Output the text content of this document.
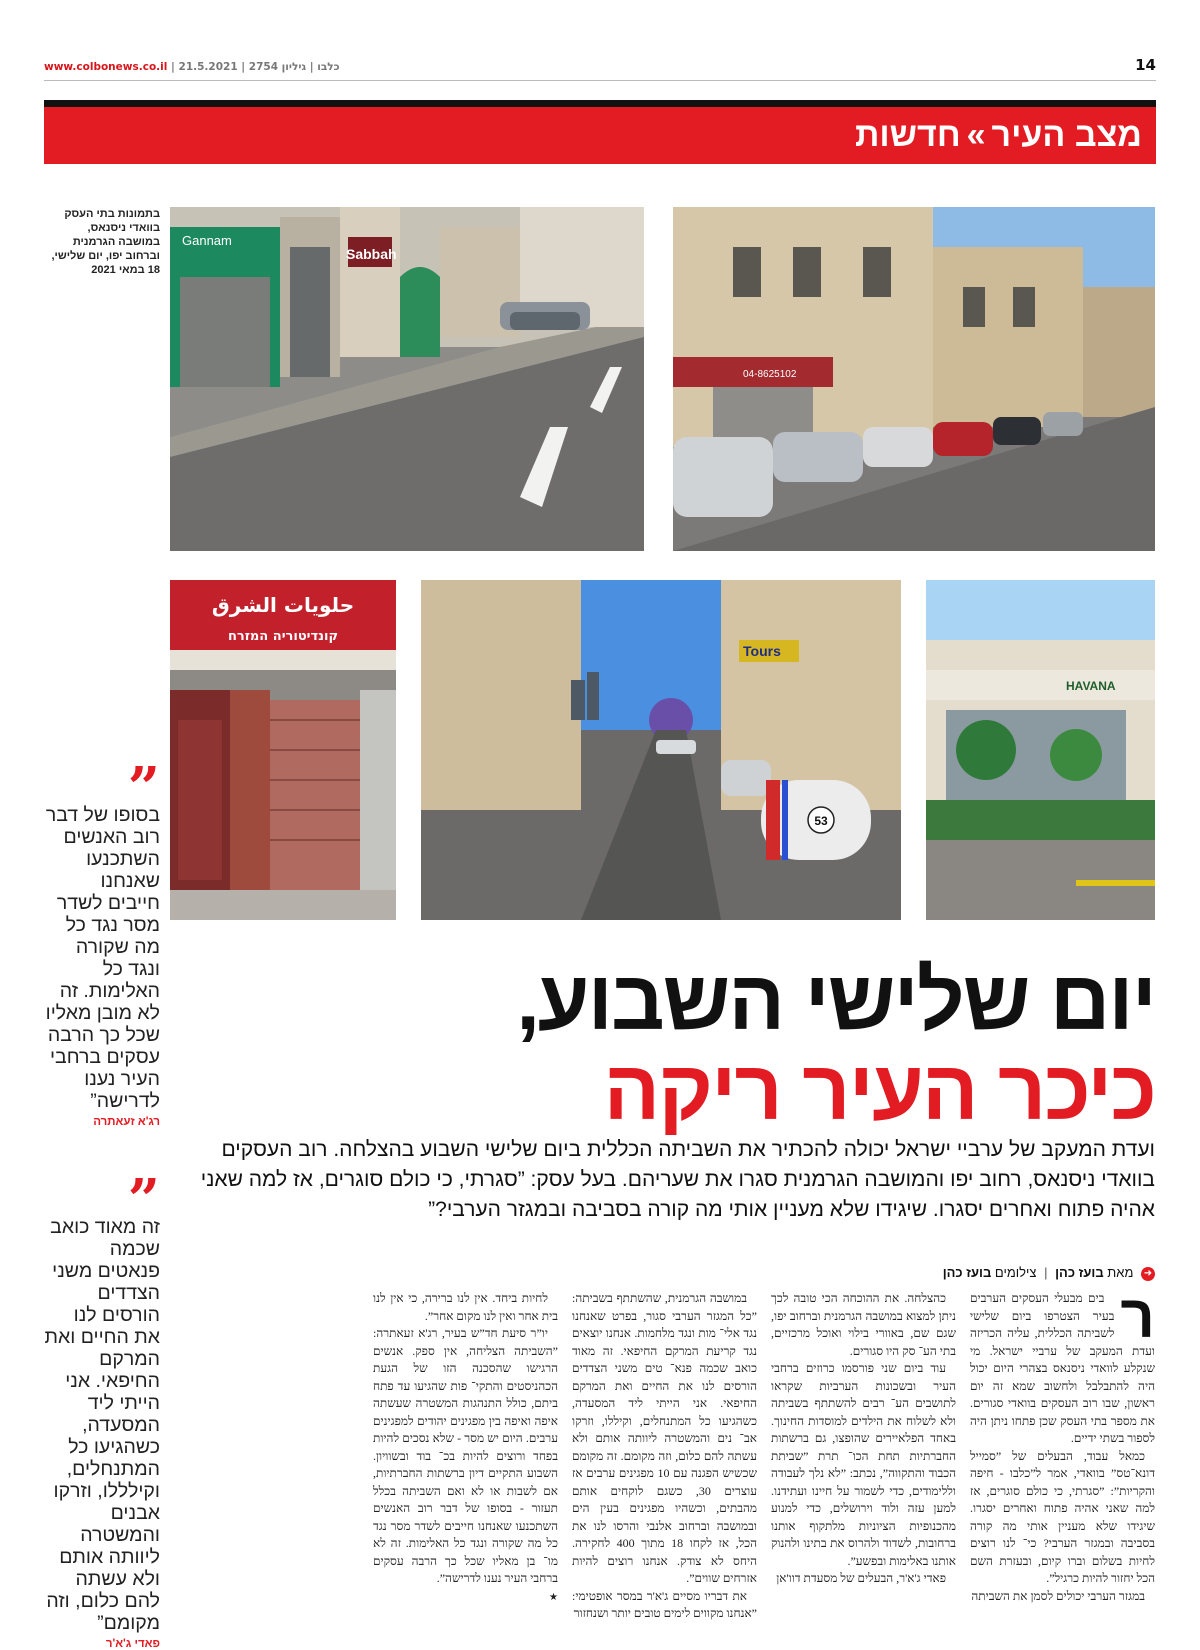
www.colbonews.co.il | כלבו | גיליון 2754 | 21.5.2021	14
מצב העיר»חדשות
בתמונות בתי העסק בוואדי ניסנאס, במושבה הגרמנית וברחוב יפו, יום שלישי, 18 במאי 2021
Gannam
Sabbah
04-8625102
حلويات الشرق
קונדיטוריה המזרח
53
Tours
HAVANA
”
בסופו של דבר רוב האנשים השתכנעו שאנחנו חייבים לשדר מסר נגד כל מה שקורה ונגד כל האלימות. זה לא מובן מאליו שכל כך הרבה עסקים ברחבי העיר נענו לדרישה”
רג'א זעאתרה
”
זה מאוד כואב שכמה פנאטים משני הצדדים הורסים לנו את החיים ואת המרקם החיפאי. אני הייתי ליד המסעדה, כשהגיעו כל המתנחלים, וקילללו, וזרקו אבנים והמשטרה ליוותה אותם ולא עשתה להם כלום, וזה מקומם”
פאדי ג'א'ר
יום שלישי השבוע,
כיכר העיר ריקה
ועדת המעקב של ערביי ישראל יכולה להכתיר את השביתה הכללית ביום שלישי השבוע בהצלחה. רוב העסקים בוואדי ניסנאס, רחוב יפו והמושבה הגרמנית סגרו את שעריהם. בעל עסק: ”סגרתי, כי כולם סוגרים, אז למה שאני אהיה פתוח ואחרים יסגרו. שיגידו שלא מעניין אותי מה קורה בסביבה ובמגזר הערבי?”
➜ מאת בועז כהן | צילומים בועז כהן
ר

בים מבעלי העסקים הערבים בעיר הצטרפו ביום שלישי לשביתה הכללית, עליה הכריזה ועדת המעקב של ערביי ישראל. מי שנקלע לוואדי ניסנאס בצהרי היום יכול היה להתבלבל ולחשוב שמא זה יום ראשון, שבו רוב העסקים בוואדי סגורים. את מספר בתי העסק שכן פתחו ניתן היה לספור בשתי ידיים.

כמאל עבוד, הבעלים של ”סמייל דונא־טס” בוואדי, אמר ל”כלבו - חיפה והקריות”: ”סגרתי, כי כולם סוגרים, אז למה שאני אהיה פתוח ואחרים יסגרו. שיגידו שלא מעניין אותי מה קורה בסביבה ובמגזר הערבי? כי־ לנו רוצים לחיות בשלום וברו קיום, ובעזרת השם הכל יחזור להיות כרגיל”.

במגזר הערבי יכולים לסמן את השביתה

כהצלחה. את ההוכחה הכי טובה לכך ניתן למצוא במושבה הגרמנית וברחוב יפו, שגם שם, באוורי בילוי ואוכל מרכזיים, בתי הע־ סק היו סגורים.

עוד ביום שני פורסמו כרוזים ברחבי העיר ובשכונות הערביות שקראו לתושבים הע־ רבים להשתתף בשביתה ולא לשלוח את הילדים למוסדות החינוך. באחד הפלאיירים שהופצו, גם ברשתות החברתיות תחת הכו־ תרת ”שביתת הכבוד והתקווה”, נכתב: ”לא נלך לעבודה וללימודים, כדי לשמור על חיינו ועתידנו. למען עזה ולוד וירושלים, כדי למנוע מהכנופיות הציוניות מלתקוף אותנו ברחובות, לשדוד ולהרוס את בתינו ולהנוק אותנו באלימות ובפשע”.

פאדי ג'א'ר, הבעלים של מסעדת דוו'אן

במושבה הגרמנית, שהשתתף בשביתה: ”כל המגזר הערבי סגור, בפרט שאנחנו נגד אלי־ מות ונגד מלחמות. אנחנו יוצאים נגד קריעת המרקם החיפאי. זה מאוד כואב שכמה פנא־ טים משני הצדדים הורסים לנו את החיים ואת המרקם החיפאי. אני הייתי ליד המסעדה, כשהגיעו כל המתנחלים, וקיללו, וזרקו אב־ נים והמשטרה ליוותה אותם ולא עשתה להם כלום, וזה מקומם. זה מקומם שכשיש הפגנה עם 10 מפגינים ערבים אז עוצרים 30, כשגם לוקחים אותם מהבתים, וכשהיו מפגינים בעין הים ובמושבה וברחוב אלנבי והרסו לנו את הכל, אז לקחו 18 מתוך 400 לחקירה. היחס לא צודק. אנחנו רוצים להיות אזרחים שווים”.

את דבריו מסיים ג'א'ר במסר אופטימי: ”אנחנו מקווים לימים טובים יותר ושנחזור

לחיות ביחד. אין לנו ברירה, כי אין לנו בית אחר ואין לנו מקום אחר”.

יו”ר סיעת חד”ש בעיר, רג'א זעאתרה: ”השביתה הצליחה, אין ספק. אנשים הרגישו שהסכנה הזו של הגעת הכהניסטים והתקי־ פות שהגיעו עד פתח ביתם, כולל התנהגות המשטרה שעשתה איפה ואיפה בין מפגינים יהודים למפגינים ערבים. היום יש מסר - שלא נסכים להיות בפחד ורוצים להיות בכ־ בוד ובשוויון. השבוע התקיים דיון ברשתות החברתיות, אם לשבות או לא ואם השביתה בכלל תעזור - בסופו של דבר רוב האנשים השתכנעו שאנחנו חייבים לשדר מסר נגד כל מה שקורה ונגד כל האלימות. זה לא מו־ בן מאליו שכל כך הרבה עסקים ברחבי העיר נענו לדרישה”.

★
